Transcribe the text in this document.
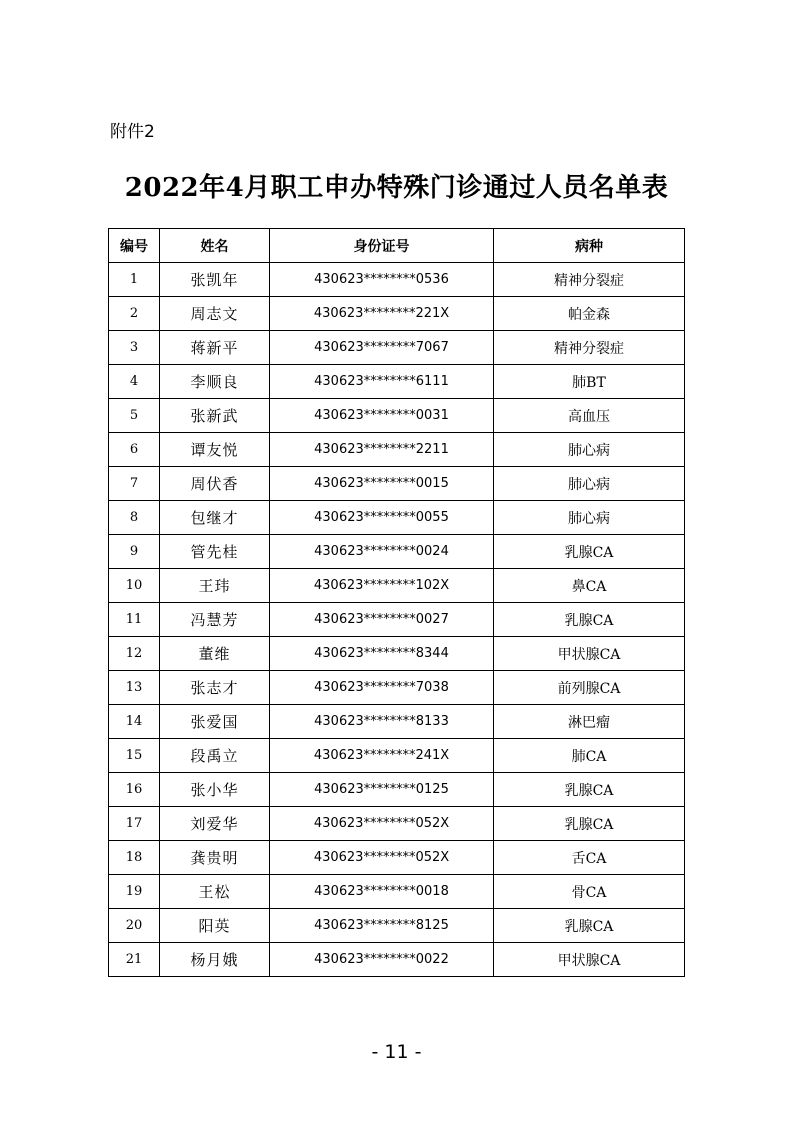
附件2
2022年4月职工申办特殊门诊通过人员名单表
编号	姓名	身份证号	病种
1	张凯年	430623********0536	精神分裂症
2	周志文	430623********221X	帕金森
3	蒋新平	430623********7067	精神分裂症
4	李顺良	430623********6111	肺BT
5	张新武	430623********0031	高血压
6	谭友悦	430623********2211	肺心病
7	周伏香	430623********0015	肺心病
8	包继才	430623********0055	肺心病
9	管先桂	430623********0024	乳腺CA
10	王玮	430623********102X	鼻CA
11	冯慧芳	430623********0027	乳腺CA
12	董维	430623********8344	甲状腺CA
13	张志才	430623********7038	前列腺CA
14	张爱国	430623********8133	淋巴瘤
15	段禹立	430623********241X	肺CA
16	张小华	430623********0125	乳腺CA
17	刘爱华	430623********052X	乳腺CA
18	龚贵明	430623********052X	舌CA
19	王松	430623********0018	骨CA
20	阳英	430623********8125	乳腺CA
21	杨月娥	430623********0022	甲状腺CA
- 11 -
